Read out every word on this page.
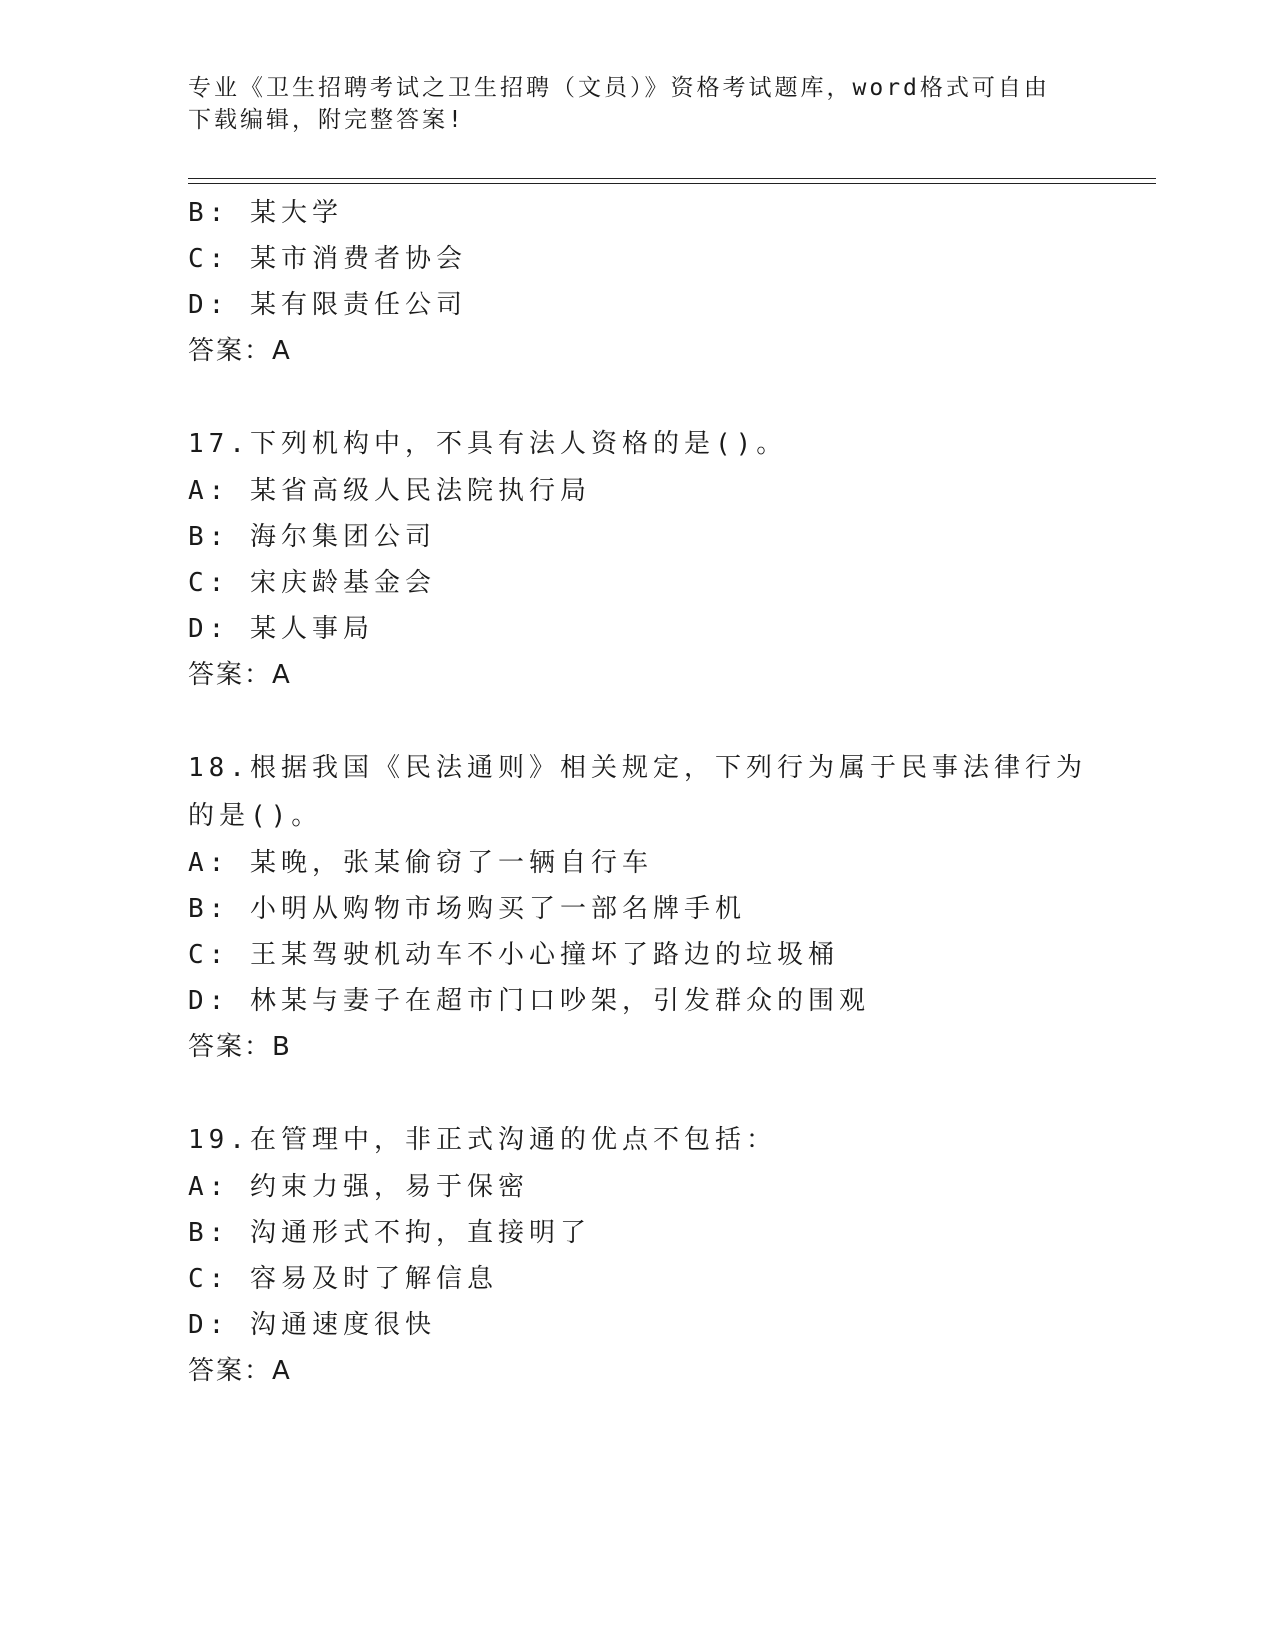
专业《卫生招聘考试之卫生招聘（文员）》资格考试题库，word格式可自由下载编辑，附完整答案!
B: 某大学
C: 某市消费者协会
D: 某有限责任公司
答案：A
17.下列机构中，不具有法人资格的是()。
A: 某省高级人民法院执行局
B: 海尔集团公司
C: 宋庆龄基金会
D: 某人事局
答案：A
18.根据我国《民法通则》相关规定，下列行为属于民事法律行为的是()。
A: 某晚，张某偷窃了一辆自行车
B: 小明从购物市场购买了一部名牌手机
C: 王某驾驶机动车不小心撞坏了路边的垃圾桶
D: 林某与妻子在超市门口吵架，引发群众的围观
答案：B
19.在管理中，非正式沟通的优点不包括：
A: 约束力强，易于保密
B: 沟通形式不拘，直接明了
C: 容易及时了解信息
D: 沟通速度很快
答案：A
